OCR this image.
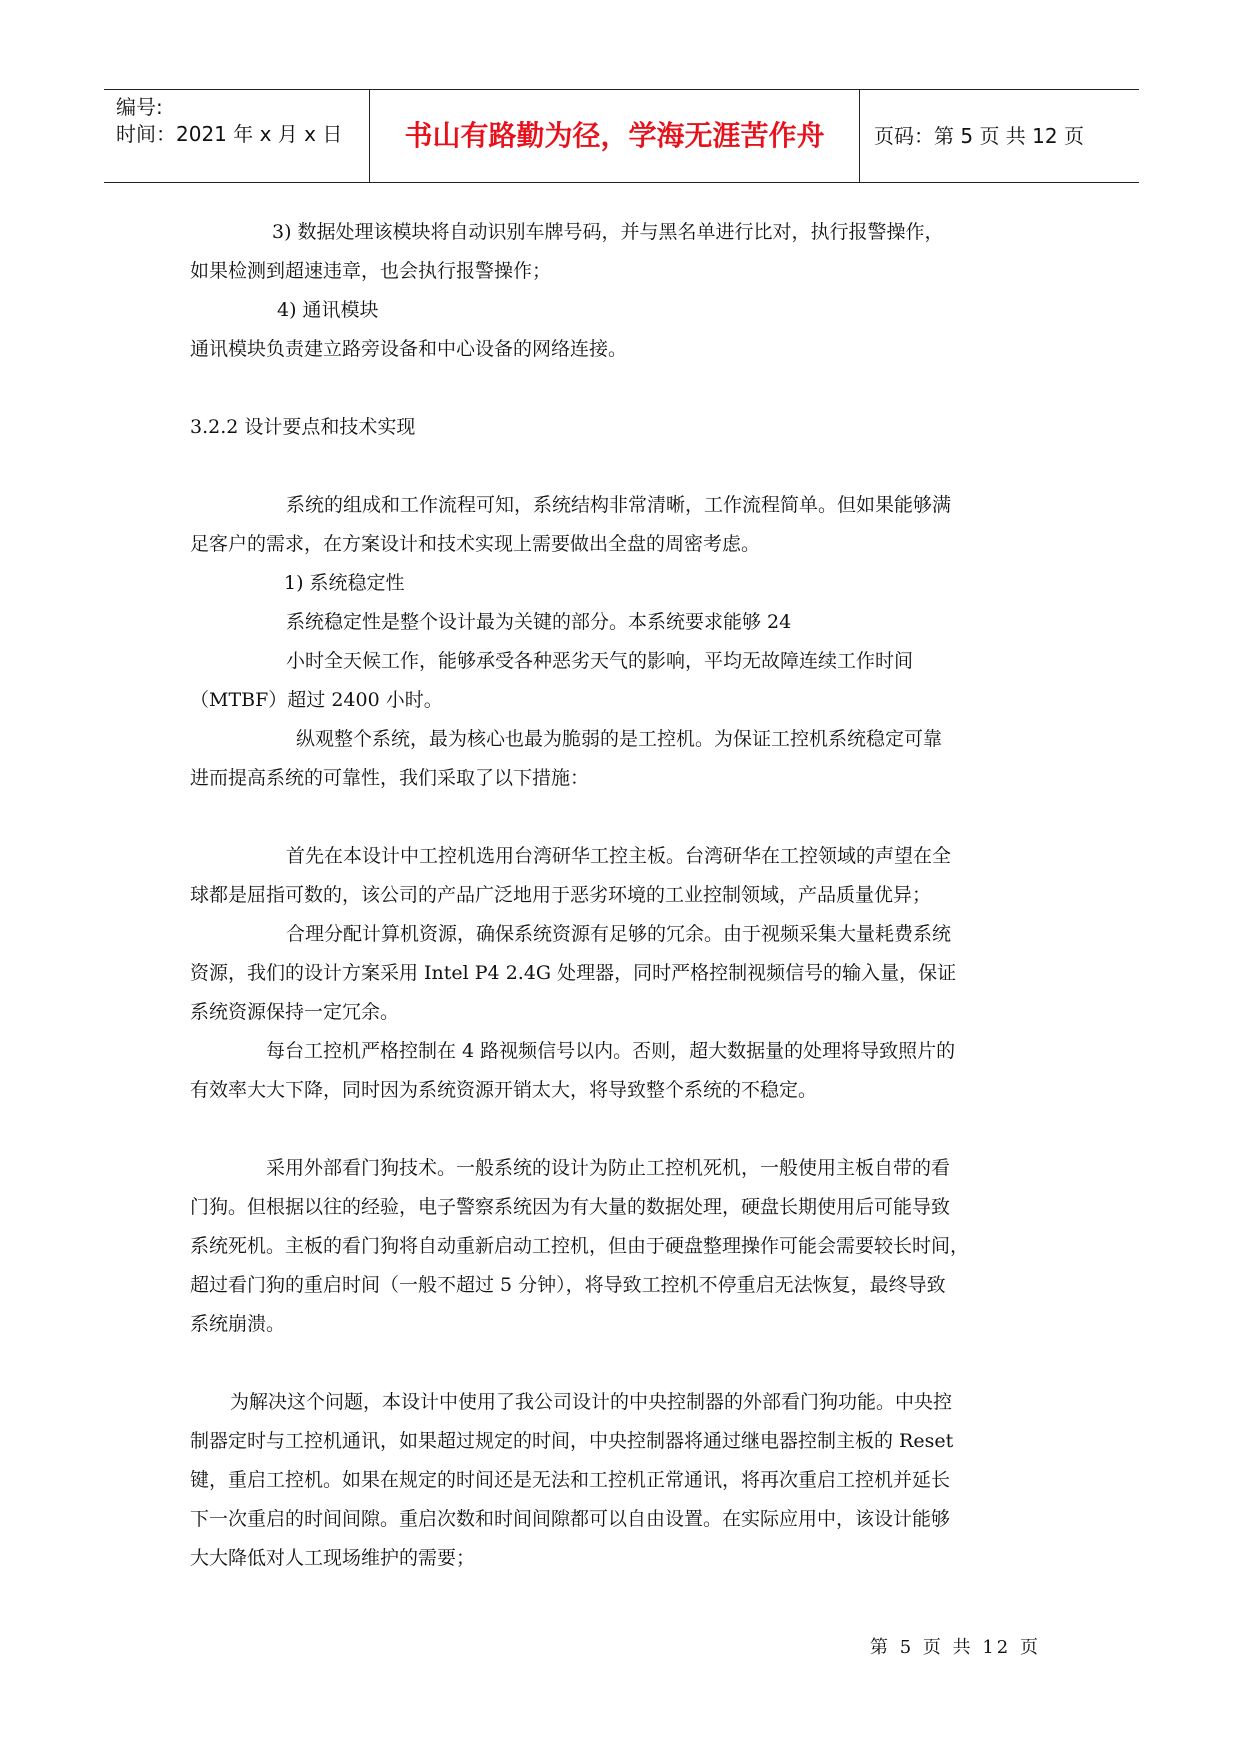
编号:
时间：2021 年 x 月 x 日	书山有路勤为径，学海无涯苦作舟	页码：第 5 页 共 12 页

3) 数据处理该模块将自动识别车牌号码，并与黑名单进行比对，执行报警操作，

如果检测到超速违章，也会执行报警操作；

4) 通讯模块

通讯模块负责建立路旁设备和中心设备的网络连接。

3.2.2 设计要点和技术实现

系统的组成和工作流程可知，系统结构非常清晰，工作流程简单。但如果能够满

足客户的需求，在方案设计和技术实现上需要做出全盘的周密考虑。

1) 系统稳定性

系统稳定性是整个设计最为关键的部分。本系统要求能够 24

小时全天候工作，能够承受各种恶劣天气的影响，平均无故障连续工作时间

（MTBF）超过 2400 小时。

纵观整个系统，最为核心也最为脆弱的是工控机。为保证工控机系统稳定可靠

进而提高系统的可靠性，我们采取了以下措施：

首先在本设计中工控机选用台湾研华工控主板。台湾研华在工控领域的声望在全

球都是屈指可数的，该公司的产品广泛地用于恶劣环境的工业控制领域，产品质量优异；

合理分配计算机资源，确保系统资源有足够的冗余。由于视频采集大量耗费系统

资源，我们的设计方案采用 Intel P4 2.4G 处理器，同时严格控制视频信号的输入量，保证

系统资源保持一定冗余。

每台工控机严格控制在 4 路视频信号以内。否则，超大数据量的处理将导致照片的

有效率大大下降，同时因为系统资源开销太大，将导致整个系统的不稳定。

采用外部看门狗技术。一般系统的设计为防止工控机死机，一般使用主板自带的看

门狗。但根据以往的经验，电子警察系统因为有大量的数据处理，硬盘长期使用后可能导致

系统死机。主板的看门狗将自动重新启动工控机，但由于硬盘整理操作可能会需要较长时间，

超过看门狗的重启时间（一般不超过 5 分钟），将导致工控机不停重启无法恢复，最终导致

系统崩溃。

为解决这个问题，本设计中使用了我公司设计的中央控制器的外部看门狗功能。中央控

制器定时与工控机通讯，如果超过规定的时间，中央控制器将通过继电器控制主板的 Reset

键，重启工控机。如果在规定的时间还是无法和工控机正常通讯，将再次重启工控机并延长

下一次重启的时间间隙。重启次数和时间间隙都可以自由设置。在实际应用中，该设计能够

大大降低对人工现场维护的需要；

第 5 页 共 12 页
